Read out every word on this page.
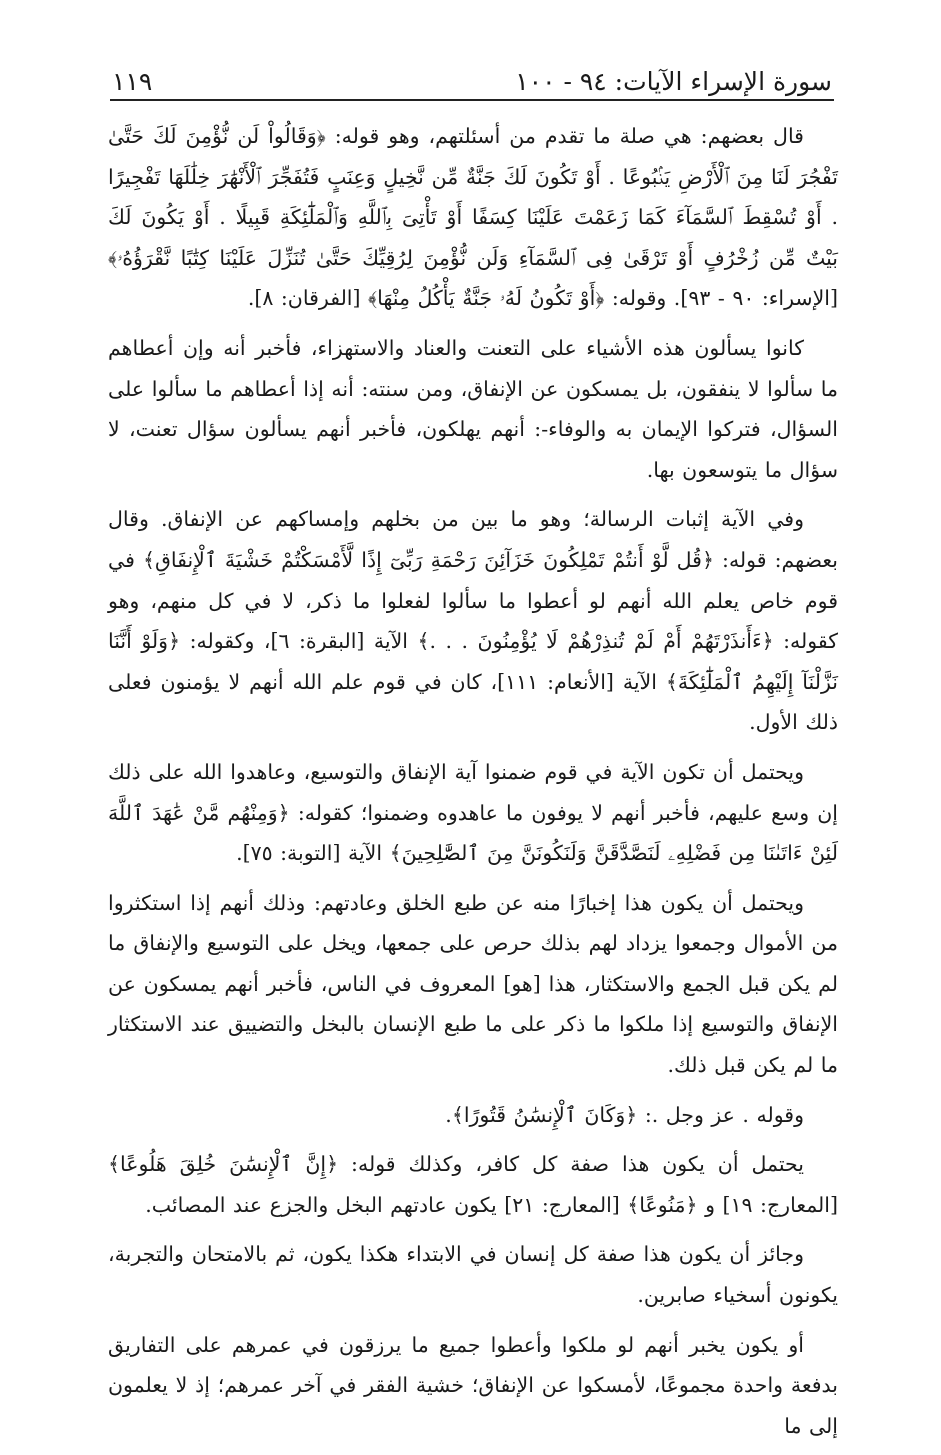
سورة الإسراء الآيات: ٩٤ - ١٠٠
١١٩

قال بعضهم: هي صلة ما تقدم من أسئلتهم، وهو قوله: ﴿وَقَالُواْ لَن نُّؤْمِنَ لَكَ حَتَّىٰ تَفْجُرَ لَنَا مِنَ ٱلْأَرْضِ يَنۢبُوعًا . أَوْ تَكُونَ لَكَ جَنَّةٌ مِّن نَّخِيلٍ وَعِنَبٍ فَتُفَجِّرَ ٱلْأَنْهَٰرَ خِلَٰلَهَا تَفْجِيرًا . أَوْ تُسْقِطَ ٱلسَّمَآءَ كَمَا زَعَمْتَ عَلَيْنَا كِسَفًا أَوْ تَأْتِىَ بِٱللَّهِ وَٱلْمَلَٰٓئِكَةِ قَبِيلًا . أَوْ يَكُونَ لَكَ بَيْتٌ مِّن زُخْرُفٍ أَوْ تَرْقَىٰ فِى ٱلسَّمَآءِ وَلَن نُّؤْمِنَ لِرُقِيِّكَ حَتَّىٰ تُنَزِّلَ عَلَيْنَا كِتَٰبًا نَّقْرَؤُهُۥ﴾ [الإسراء: ٩٠ - ٩٣]. وقوله: ﴿أَوْ تَكُونُ لَهُۥ جَنَّةٌ يَأْكُلُ مِنْهَا﴾ [الفرقان: ٨].

كانوا يسألون هذه الأشياء على التعنت والعناد والاستهزاء، فأخبر أنه وإن أعطاهم ما سألوا لا ينفقون، بل يمسكون عن الإنفاق، ومن سنته: أنه إذا أعطاهم ما سألوا على السؤال، فتركوا الإيمان به والوفاء-: أنهم يهلكون، فأخبر أنهم يسألون سؤال تعنت، لا سؤال ما يتوسعون بها.

وفي الآية إثبات الرسالة؛ وهو ما بين من بخلهم وإمساكهم عن الإنفاق. وقال بعضهم: قوله: ﴿قُل لَّوْ أَنتُمْ تَمْلِكُونَ خَزَآئِنَ رَحْمَةِ رَبِّىٓ إِذًا لَّأَمْسَكْتُمْ خَشْيَةَ ٱلْإِنفَاقِ﴾ في قوم خاص يعلم الله أنهم لو أعطوا ما سألوا لفعلوا ما ذكر، لا في كل منهم، وهو كقوله: ﴿ءَأَنذَرْتَهُمْ أَمْ لَمْ تُنذِرْهُمْ لَا يُؤْمِنُونَ . . .﴾ الآية [البقرة: ٦]، وكقوله: ﴿وَلَوْ أَنَّنَا نَزَّلْنَآ إِلَيْهِمُ ٱلْمَلَٰٓئِكَةَ﴾ الآية [الأنعام: ١١١]، كان في قوم علم الله أنهم لا يؤمنون فعلى ذلك الأول.

ويحتمل أن تكون الآية في قوم ضمنوا آية الإنفاق والتوسيع، وعاهدوا الله على ذلك إن وسع عليهم، فأخبر أنهم لا يوفون ما عاهدوه وضمنوا؛ كقوله: ﴿وَمِنْهُم مَّنْ عَٰهَدَ ٱللَّهَ لَئِنْ ءَاتَىٰنَا مِن فَضْلِهِۦ لَنَصَّدَّقَنَّ وَلَنَكُونَنَّ مِنَ ٱلصَّٰلِحِينَ﴾ الآية [التوبة: ٧٥].

ويحتمل أن يكون هذا إخبارًا منه عن طبع الخلق وعادتهم: وذلك أنهم إذا استكثروا من الأموال وجمعوا يزداد لهم بذلك حرص على جمعها، ويخل على التوسيع والإنفاق ما لم يكن قبل الجمع والاستكثار، هذا [هو] المعروف في الناس، فأخبر أنهم يمسكون عن الإنفاق والتوسيع إذا ملكوا ما ذكر على ما طبع الإنسان بالبخل والتضييق عند الاستكثار ما لم يكن قبل ذلك.

وقوله . عز وجل .: ﴿وَكَانَ ٱلْإِنسَٰنُ قَتُورًا﴾.

يحتمل أن يكون هذا صفة كل كافر، وكذلك قوله: ﴿إِنَّ ٱلْإِنسَٰنَ خُلِقَ هَلُوعًا﴾ [المعارج: ١٩] و ﴿مَنُوعًا﴾ [المعارج: ٢١] يكون عادتهم البخل والجزع عند المصائب.

وجائز أن يكون هذا صفة كل إنسان في الابتداء هكذا يكون، ثم بالامتحان والتجربة، يكونون أسخياء صابرين.

أو يكون يخبر أنهم لو ملكوا وأعطوا جميع ما يرزقون في عمرهم على التفاريق بدفعة واحدة مجموعًا، لأمسكوا عن الإنفاق؛ خشية الفقر في آخر عمرهم؛ إذ لا يعلمون إلى ما
